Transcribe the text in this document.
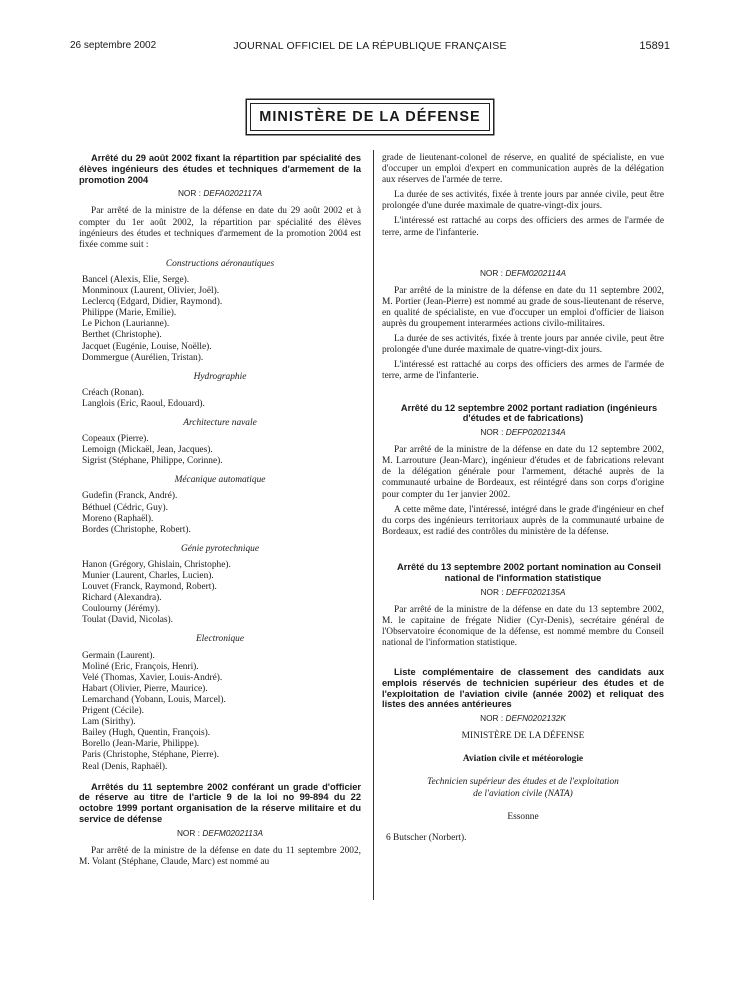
26 septembre 2002	JOURNAL OFFICIEL DE LA RÉPUBLIQUE FRANÇAISE	15891
MINISTÈRE DE LA DÉFENSE

Arrêté du 29 août 2002 fixant la répartition par spécialité des élèves ingénieurs des études et techniques d'armement de la promotion 2004

NOR : DEFA0202117A

Par arrêté de la ministre de la défense en date du 29 août 2002 et à compter du 1er août 2002, la répartition par spécialité des élèves ingénieurs des études et techniques d'armement de la promotion 2004 est fixée comme suit :

Constructions aéronautiques
Bancel (Alexis, Elie, Serge).
Monminoux (Laurent, Olivier, Joël).
Leclercq (Edgard, Didier, Raymond).
Philippe (Marie, Emilie).
Le Pichon (Laurianne).
Berthet (Christophe).
Jacquet (Eugénie, Louise, Noëlle).
Dommergue (Aurélien, Tristan).
Hydrographie
Créach (Ronan).
Langlois (Eric, Raoul, Edouard).
Architecture navale
Copeaux (Pierre).
Lemoign (Mickaël, Jean, Jacques).
Sigrist (Stéphane, Philippe, Corinne).
Mécanique automatique
Gudefin (Franck, André).
Béthuel (Cédric, Guy).
Moreno (Raphaël).
Bordes (Christophe, Robert).
Génie pyrotechnique
Hanon (Grégory, Ghislain, Christophe).
Munier (Laurent, Charles, Lucien).
Louvet (Franck, Raymond, Robert).
Richard (Alexandra).
Coulourny (Jérémy).
Toulat (David, Nicolas).
Electronique
Germain (Laurent).
Moliné (Eric, François, Henri).
Velé (Thomas, Xavier, Louis-André).
Habart (Olivier, Pierre, Maurice).
Lemarchand (Yobann, Louis, Marcel).
Prigent (Cécile).
Lam (Sirithy).
Bailey (Hugh, Quentin, François).
Borello (Jean-Marie, Philippe).
Paris (Christophe, Stéphane, Pierre).
Real (Denis, Raphaël).

Arrêtés du 11 septembre 2002 conférant un grade d'officier de réserve au titre de l'article 9 de la loi no 99-894 du 22 octobre 1999 portant organisation de la réserve militaire et du service de défense

NOR : DEFM0202113A

Par arrêté de la ministre de la défense en date du 11 septembre 2002, M. Volant (Stéphane, Claude, Marc) est nommé au

grade de lieutenant-colonel de réserve, en qualité de spécialiste, en vue d'occuper un emploi d'expert en communication auprès de la délégation aux réserves de l'armée de terre.

La durée de ses activités, fixée à trente jours par année civile, peut être prolongée d'une durée maximale de quatre-vingt-dix jours.

L'intéressé est rattaché au corps des officiers des armes de l'armée de terre, arme de l'infanterie.

NOR : DEFM0202114A

Par arrêté de la ministre de la défense en date du 11 septembre 2002, M. Portier (Jean-Pierre) est nommé au grade de sous-lieutenant de réserve, en qualité de spécialiste, en vue d'occuper un emploi d'officier de liaison auprès du groupement interarmées actions civilo-militaires.

La durée de ses activités, fixée à trente jours par année civile, peut être prolongée d'une durée maximale de quatre-vingt-dix jours.

L'intéressé est rattaché au corps des officiers des armes de l'armée de terre, arme de l'infanterie.

Arrêté du 12 septembre 2002 portant radiation (ingénieurs d'études et de fabrications)

NOR : DEFP0202134A

Par arrêté de la ministre de la défense en date du 12 septembre 2002, M. Larrouture (Jean-Marc), ingénieur d'études et de fabrications relevant de la délégation générale pour l'armement, détaché auprès de la communauté urbaine de Bordeaux, est réintégré dans son corps d'origine pour compter du 1er janvier 2002.

A cette même date, l'intéressé, intégré dans le grade d'ingénieur en chef du corps des ingénieurs territoriaux auprès de la communauté urbaine de Bordeaux, est radié des contrôles du ministère de la défense.

Arrêté du 13 septembre 2002 portant nomination au Conseil national de l'information statistique

NOR : DEFF0202135A

Par arrêté de la ministre de la défense en date du 13 septembre 2002, M. le capitaine de frégate Nidier (Cyr-Denis), secrétaire général de l'Observatoire économique de la défense, est nommé membre du Conseil national de l'information statistique.

Liste complémentaire de classement des candidats aux emplois réservés de technicien supérieur des études et de l'exploitation de l'aviation civile (année 2002) et reliquat des listes des années antérieures

NOR : DEFN0202132K

MINISTÈRE DE LA DÉFENSE

Aviation civile et météorologie

Technicien supérieur des études et de l'exploitation de l'aviation civile (NATA)

Essonne

6 Butscher (Norbert).
